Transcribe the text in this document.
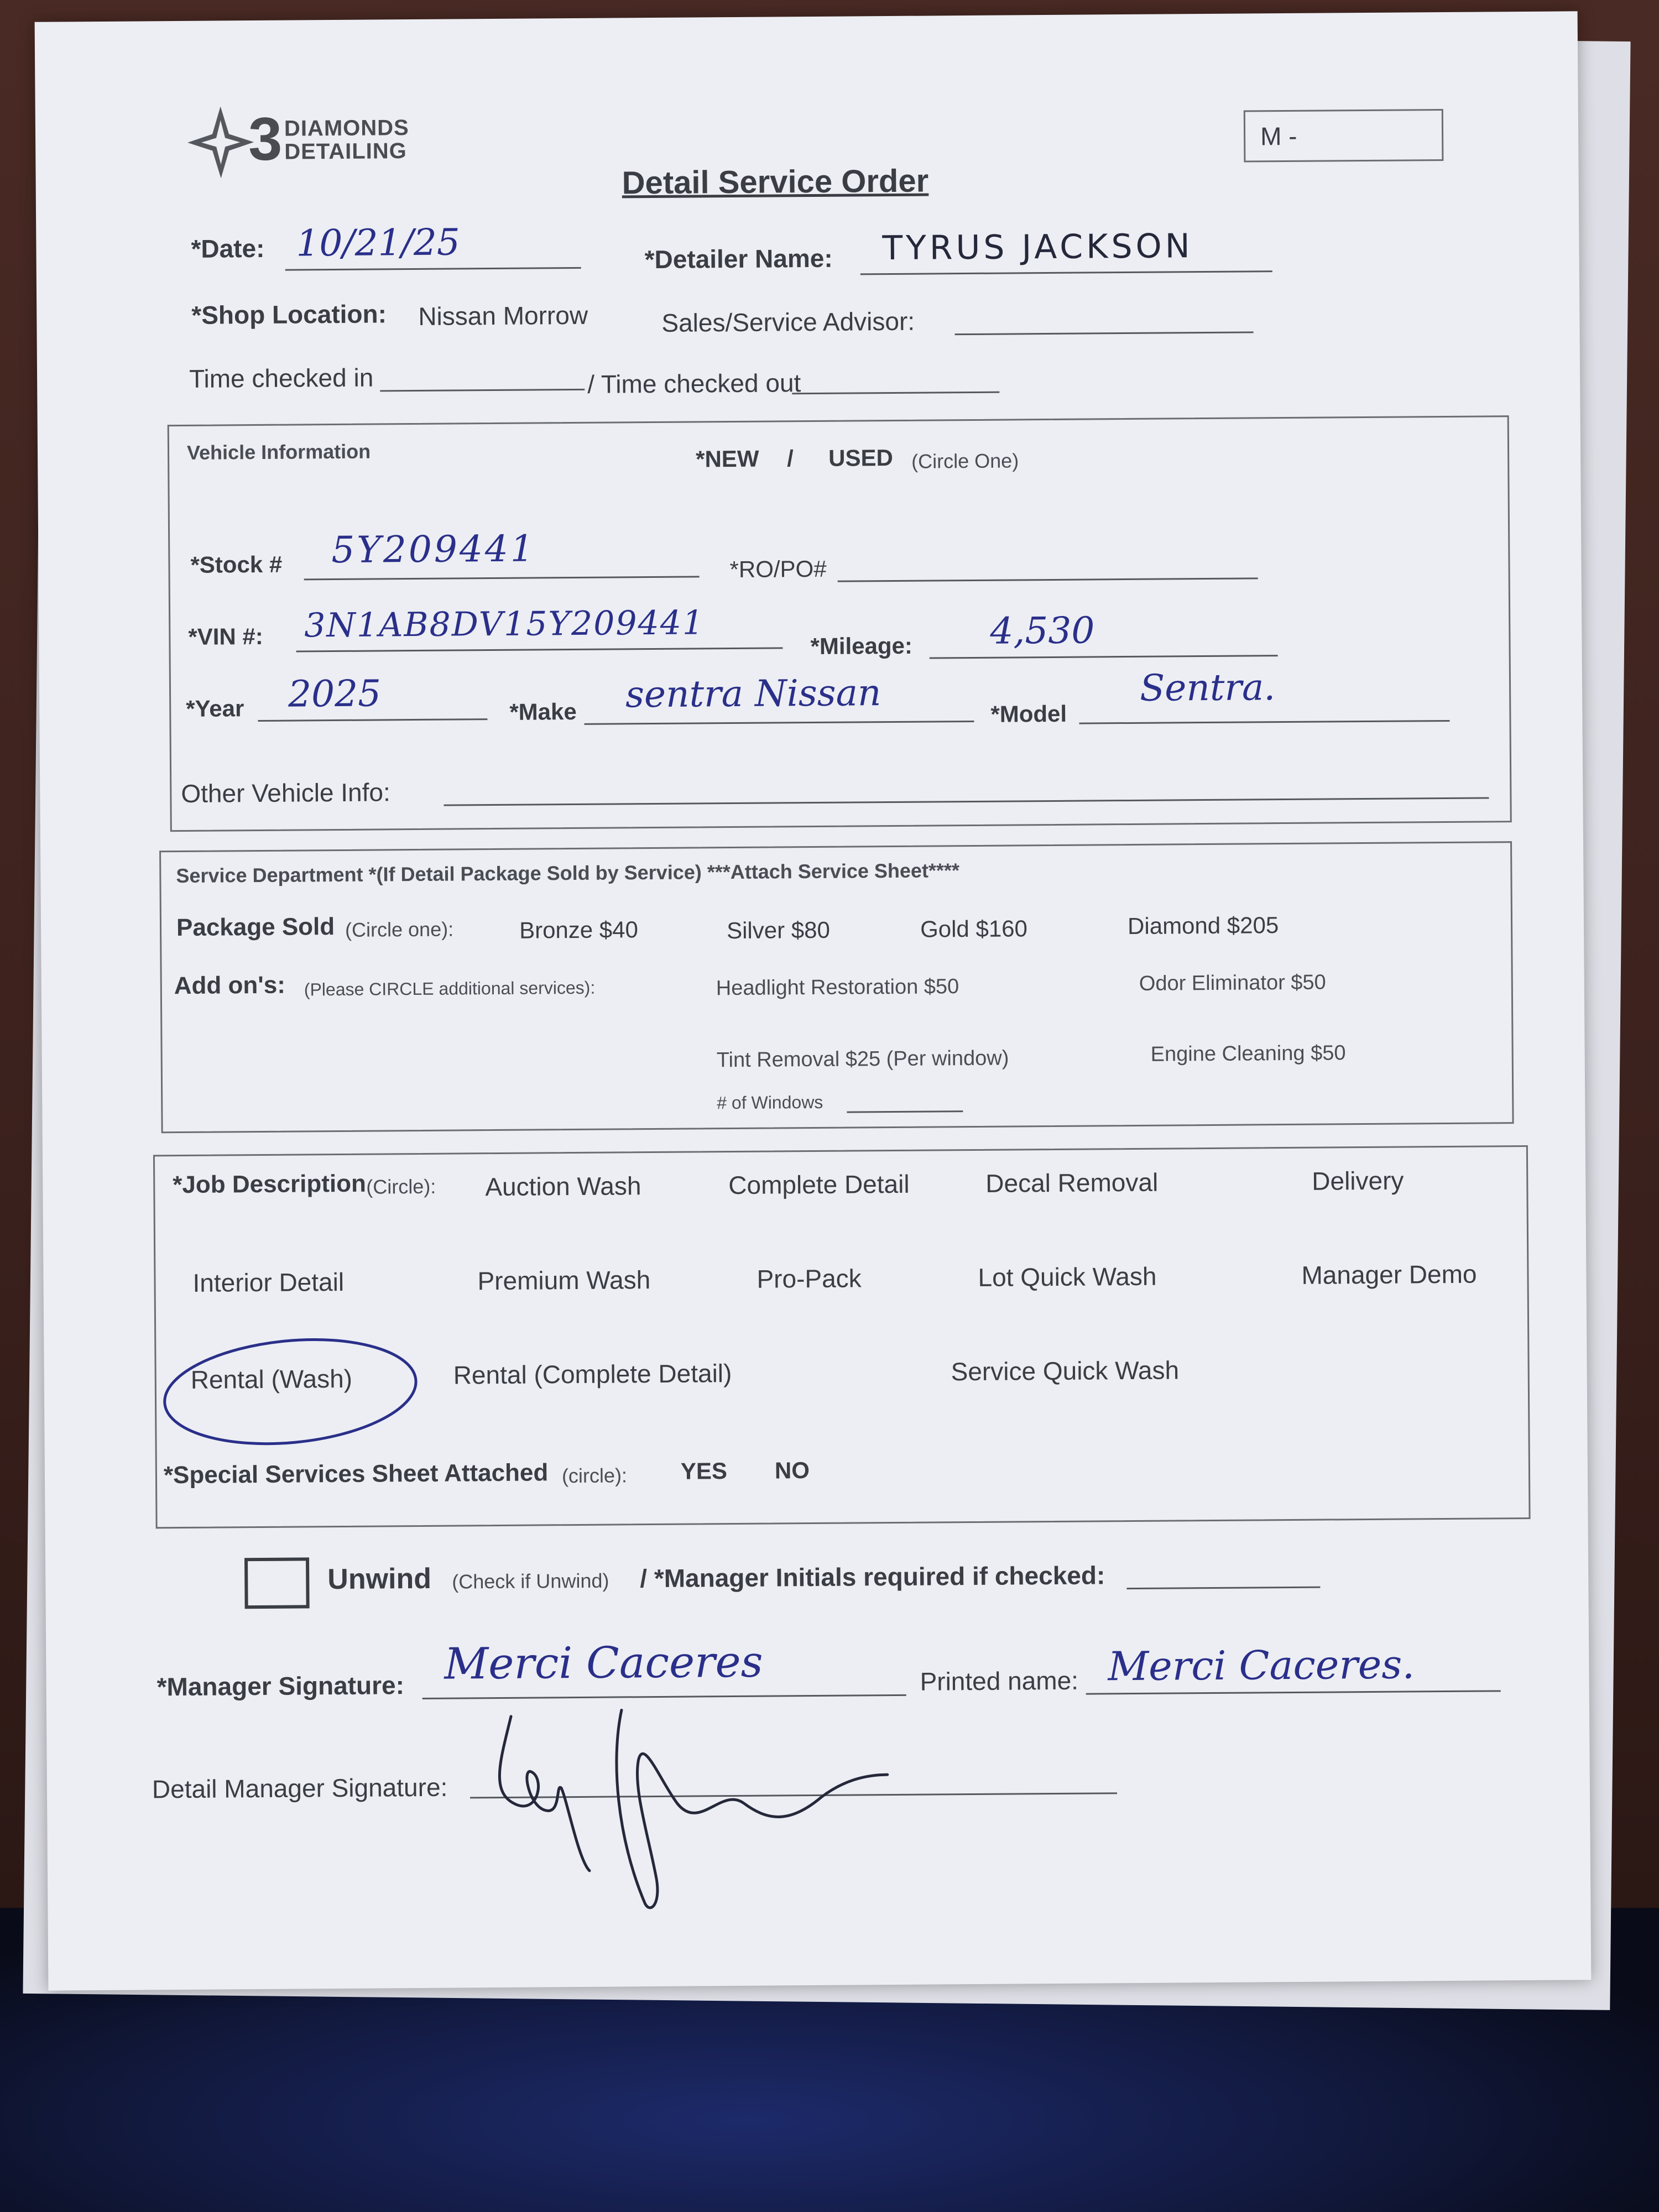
3 DIAMONDS
DETAILING
M -
Detail Service Order
*Date: 10/21/25	*Detailer Name: TYRUS JACKSON
*Shop Location: Nissan Morrow	Sales/Service Advisor:
Time checked in	/ Time checked out
Vehicle Information	*NEW / USED (Circle One)
*Stock # 5Y209441	*RO/PO#
*VIN #: 3N1AB8DV15Y209441
*Mileage: 4,530
*Year 2025	*Make sentra Nissan	*Model
Sentra.
Other Vehicle Info:
Service Department *(If Detail Package Sold by Service) ***Attach Service Sheet****
Package Sold (Circle one):	Bronze $40	Silver $80	Gold $160	Diamond $205
Add on's: (Please CIRCLE additional services):	Headlight Restoration $50	Odor Eliminator $50
Tint Removal $25 (Per window)	Engine Cleaning $50
# of Windows
*Job Description (Circle): Auction Wash	Complete Detail	Decal Removal	Delivery
Interior Detail	Premium Wash	Pro-Pack	Lot Quick Wash	Manager Demo
Rental (Wash)	Rental (Complete Detail)	Service Quick Wash
*Special Services Sheet Attached (circle): YES NO
Unwind (Check if Unwind) / *Manager Initials required if checked:
*Manager Signature: Merci Caceres	Printed name: Merci Caceres.
Detail Manager Signature:
